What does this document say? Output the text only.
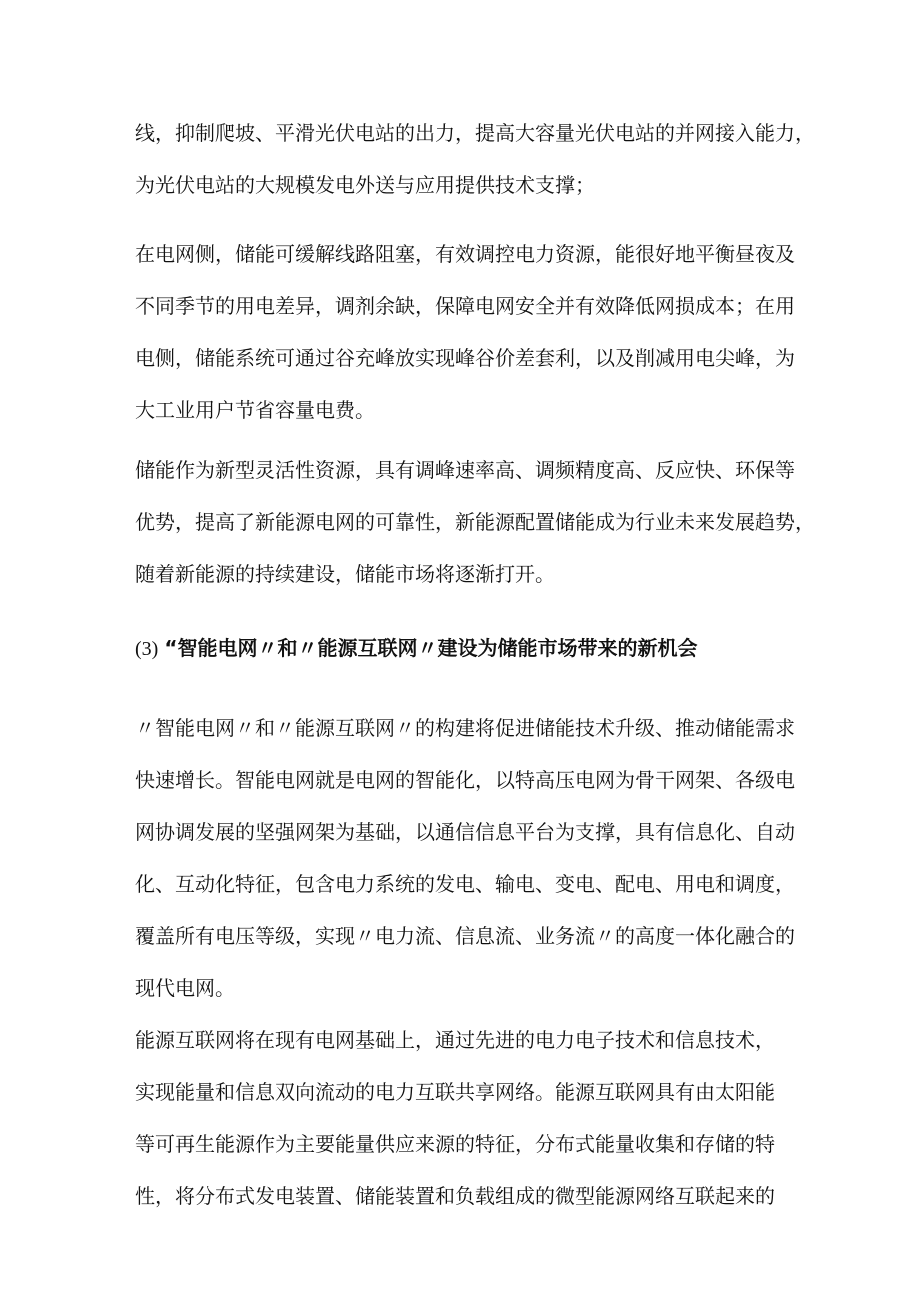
线，抑制爬坡、平滑光伏电站的出力，提高大容量光伏电站的并网接入能力，
为光伏电站的大规模发电外送与应用提供技术支撑；
在电网侧，储能可缓解线路阻塞，有效调控电力资源，能很好地平衡昼夜及
不同季节的用电差异，调剂余缺，保障电网安全并有效降低网损成本；在用
电侧，储能系统可通过谷充峰放实现峰谷价差套利，以及削减用电尖峰，为
大工业用户节省容量电费。
储能作为新型灵活性资源，具有调峰速率高、调频精度高、反应快、环保等
优势，提高了新能源电网的可靠性，新能源配置储能成为行业未来发展趋势，
随着新能源的持续建设，储能市场将逐渐打开。
(3) “智能电网〃和〃能源互联网〃建设为储能市场带来的新机会
〃智能电网〃和〃能源互联网〃的构建将促进储能技术升级、推动储能需求
快速增长。智能电网就是电网的智能化，以特高压电网为骨干网架、各级电
网协调发展的坚强网架为基础，以通信信息平台为支撑，具有信息化、自动
化、互动化特征，包含电力系统的发电、输电、变电、配电、用电和调度，
覆盖所有电压等级，实现〃电力流、信息流、业务流〃的高度一体化融合的
现代电网。
能源互联网将在现有电网基础上，通过先进的电力电子技术和信息技术，
实现能量和信息双向流动的电力互联共享网络。能源互联网具有由太阳能
等可再生能源作为主要能量供应来源的特征，分布式能量收集和存储的特
性，将分布式发电装置、储能装置和负载组成的微型能源网络互联起来的
